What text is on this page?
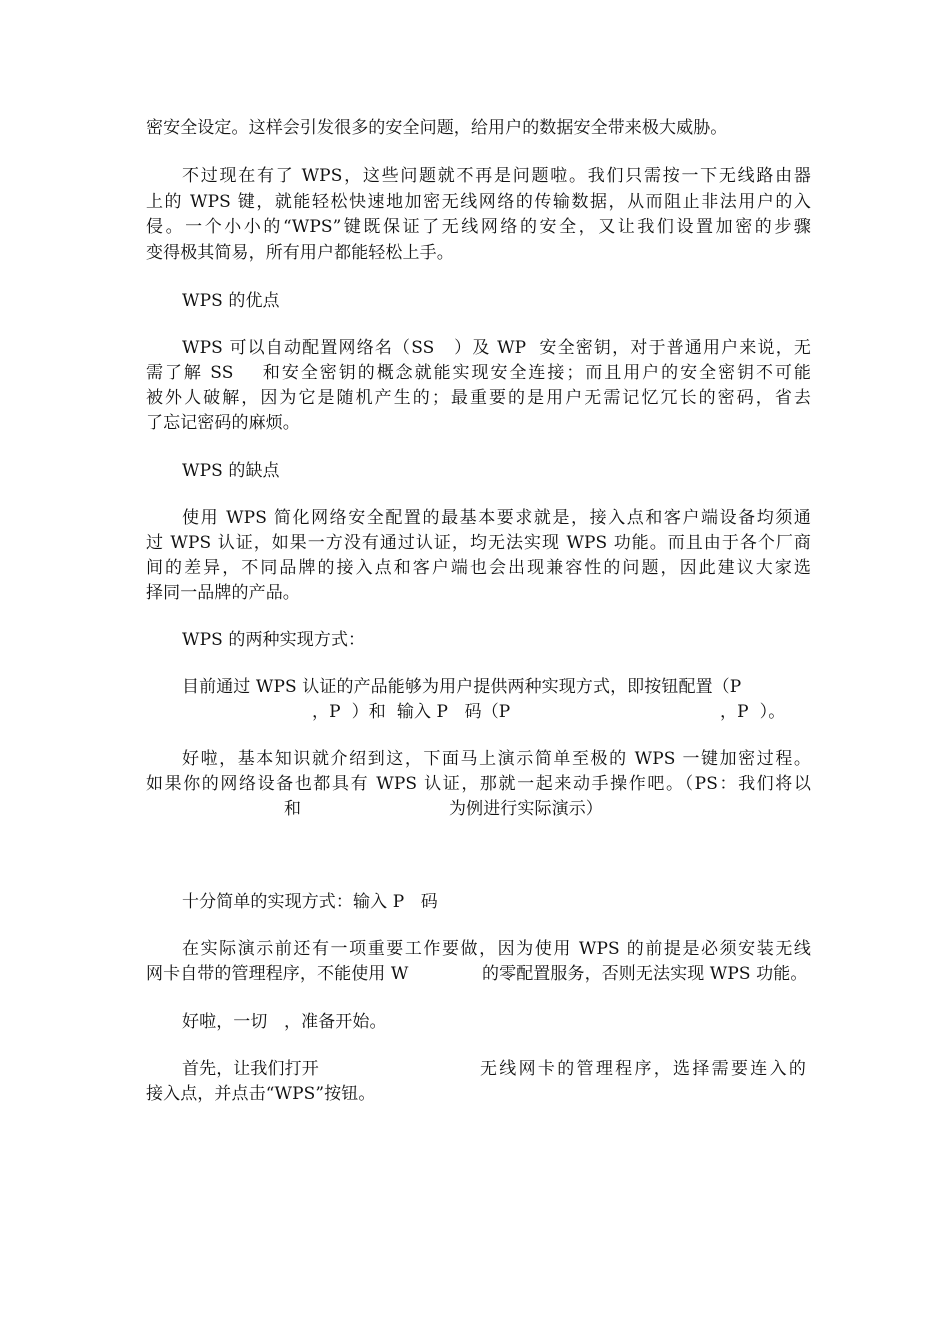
密安全设定。这样会引发很多的安全问题，给用户的数据安全带来极大威胁。
不过现在有了 WPS，这些问题就不再是问题啦。我们只需按一下无线路由器
上的 WPS 键，就能轻松快速地加密无线网络的传输数据，从而阻止非法用户的入
侵。一个小小的“WPS”键既保证了无线网络的安全，又让我们设置加密的步骤
变得极其简易，所有用户都能轻松上手。
WPS 的优点
WPS 可以自动配置网络名（SS   ）及 WP  安全密钥，对于普通用户来说，无
需了解 SS    和安全密钥的概念就能实现安全连接；而且用户的安全密钥不可能
被外人破解，因为它是随机产生的；最重要的是用户无需记忆冗长的密码，省去
了忘记密码的麻烦。
WPS 的缺点
使用 WPS 简化网络安全配置的最基本要求就是，接入点和客户端设备均须通
过 WPS 认证，如果一方没有通过认证，均无法实现 WPS 功能。而且由于各个厂商
间的差异，不同品牌的接入点和客户端也会出现兼容性的问题，因此建议大家选
择同一品牌的产品。
WPS 的两种实现方式：
目前通过 WPS 认证的产品能够为用户提供两种实现方式，即按钮配置（P
，P  ）和  输入 P   码（P	，P  ）。
好啦，基本知识就介绍到这，下面马上演示简单至极的 WPS 一键加密过程。
如果你的网络设备也都具有 WPS 认证，那就一起来动手操作吧。（PS：我们将以
和	为例进行实际演示）
十分简单的实现方式：输入 P   码
在实际演示前还有一项重要工作要做，因为使用 WPS 的前提是必须安装无线
网卡自带的管理程序，不能使用 W	的零配置服务，否则无法实现 WPS 功能。
好啦，一切   ，准备开始。
首先，让我们打开	无线网卡的管理程序，选择需要连入的
接入点，并点击“WPS”按钮。
